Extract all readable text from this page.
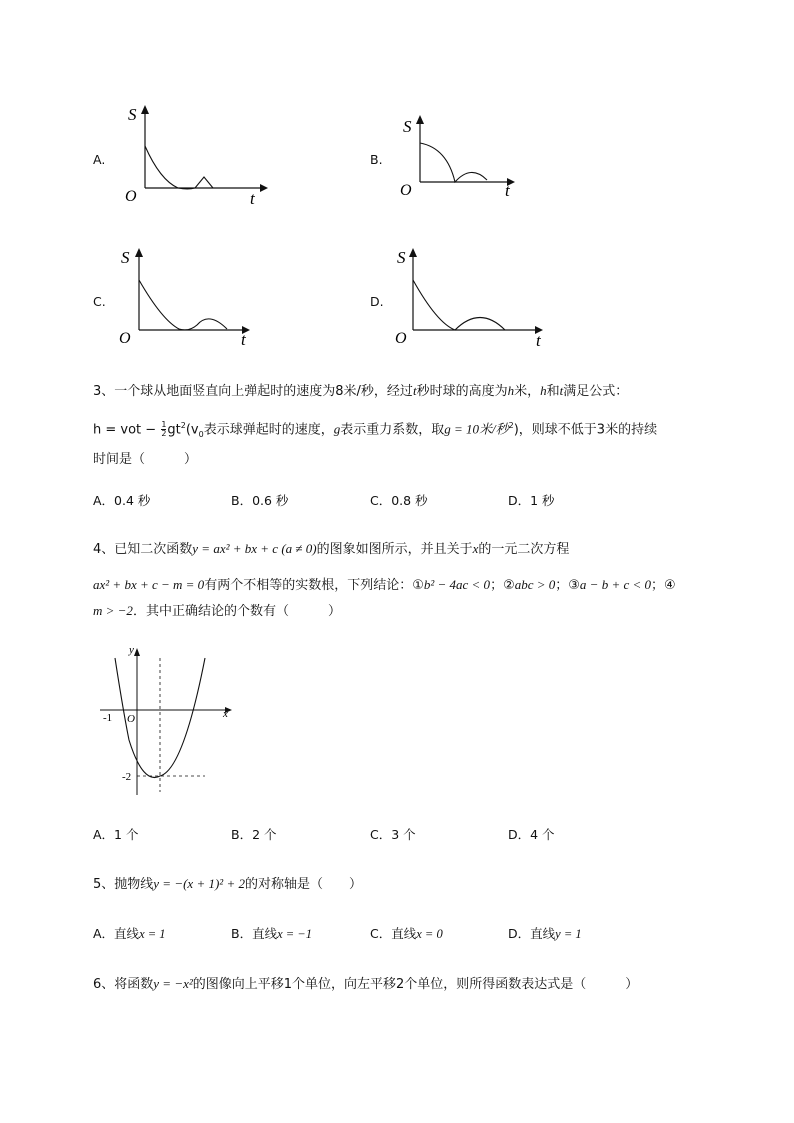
A.
S
t
O
B.
S
t
O
C.
S
t
O
D.
S
t
O
3、一个球从地面竖直向上弹起时的速度为8米/秒，经过t秒时球的高度为h米，h和t满足公式：
h = vot − $\frac{1}{2} gt^2(v_0$表示球弹起时的速度，g表示重力系数，取g = 10米/秒$^2$)，则球不低于3米的持续
时间是（　　　）
A．0.4 秒	B．0.6 秒	C．0.8 秒	D．1 秒
4、已知二次函数y = ax² + bx + c (a ≠ 0)的图象如图所示，并且关于x的一元二次方程
ax² + bx + c − m = 0有两个不相等的实数根，下列结论：①b² − 4ac < 0；②abc > 0；③a − b + c < 0；④
m > −2．其中正确结论的个数有（　　　）
y
x
O
-1
-2
A．1 个	B．2 个	C．3 个	D．4 个
5、抛物线y = −(x + 1)² + 2的对称轴是（　　）
A．直线x = 1	B．直线x = −1	C．直线x = 0	D．直线y = 1
6、将函数y = −x²的图像向上平移1个单位，向左平移2个单位，则所得函数表达式是（　　　）
